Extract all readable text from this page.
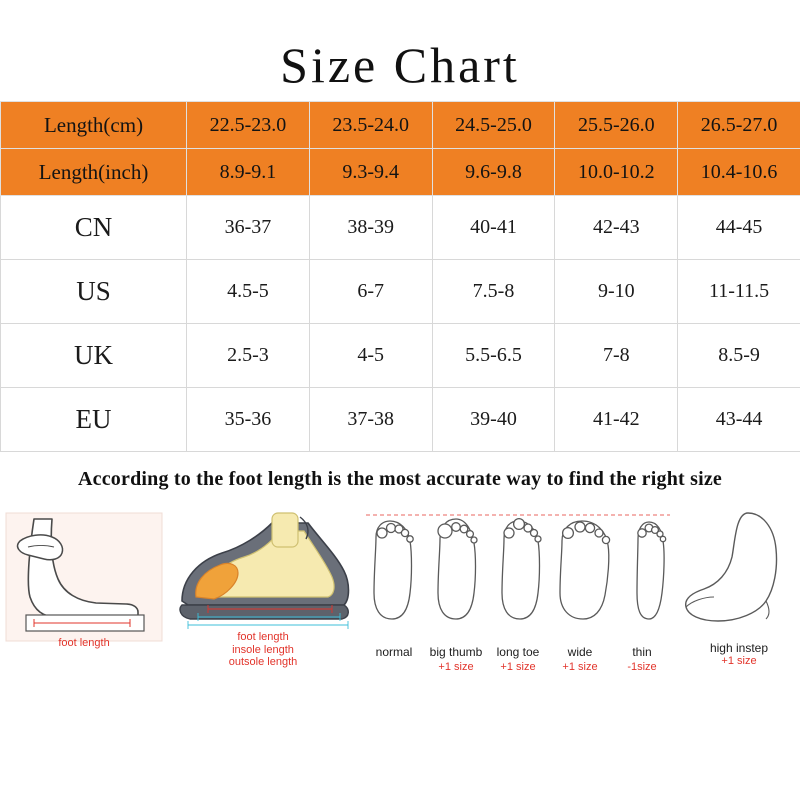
Size Chart
Length(cm)	22.5-23.0	23.5-24.0	24.5-25.0	25.5-26.0	26.5-27.0
Length(inch)	8.9-9.1	9.3-9.4	9.6-9.8	10.0-10.2	10.4-10.6
CN	36-37	38-39	40-41	42-43	44-45
US	4.5-5	6-7	7.5-8	9-10	11-11.5
UK	2.5-3	4-5	5.5-6.5	7-8	8.5-9
EU	35-36	37-38	39-40	41-42	43-44
According to the foot length is the most accurate way to find the right size
foot length	foot length
insole length
outsole length
normal	big thumb
+1 size
long toe
+1 size
wide
+1 size
thin
-1size
high instep
+1 size
